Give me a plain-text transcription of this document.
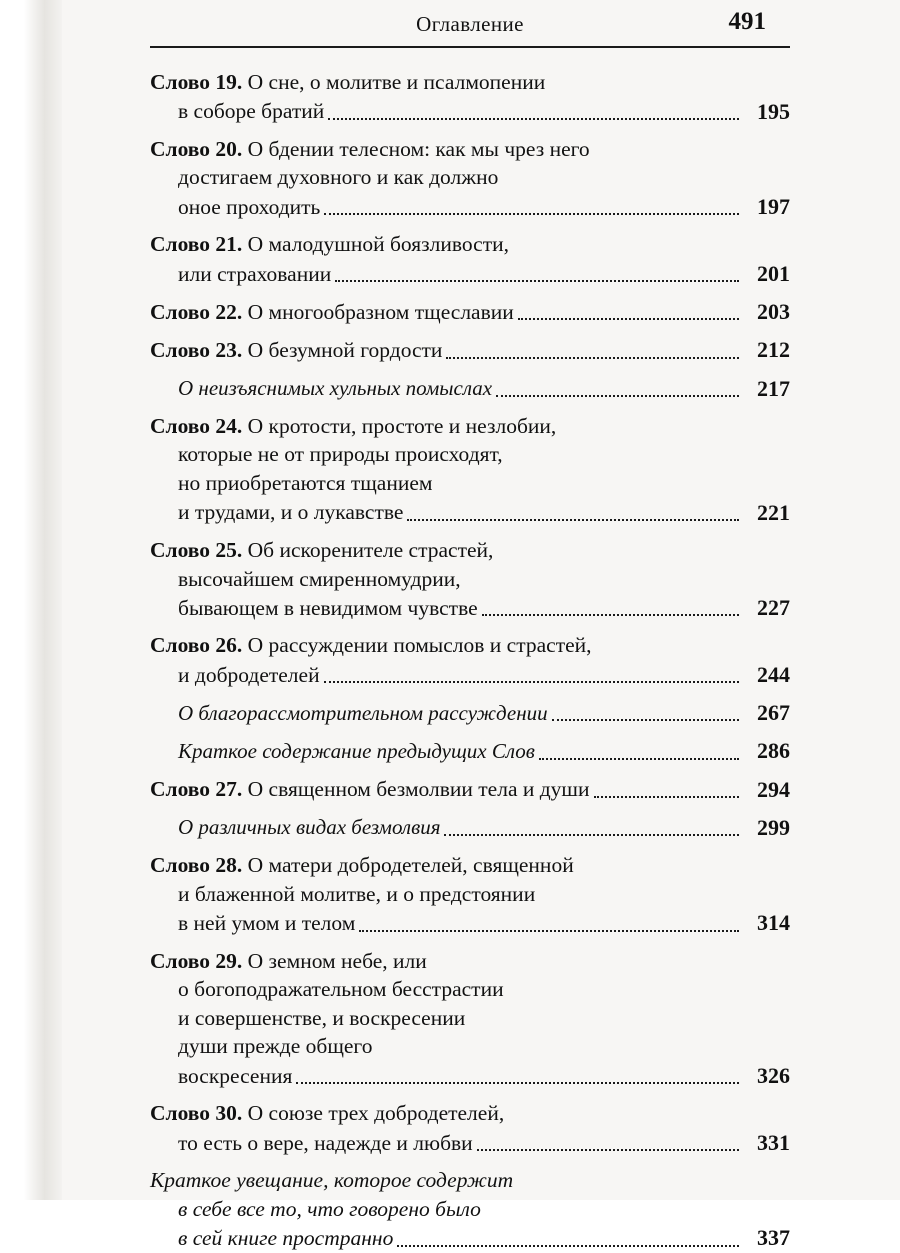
Оглавление	491
Слово 19. О сне, о молитве и псалмопении
в соборе братий	195
Слово 20. О бдении телесном: как мы чрез него
достигаем духовного и как должно
оное проходить	197
Слово 21. О малодушной боязливости,
или страховании	201
Слово 22. О многообразном тщеславии	203
Слово 23. О безумной гордости	212
О неизъяснимых хульных помыслах	217
Слово 24. О кротости, простоте и незлобии,
которые не от природы происходят,
но приобретаются тщанием
и трудами, и о лукавстве	221
Слово 25. Об искоренителе страстей,
высочайшем смиренномудрии,
бывающем в невидимом чувстве	227
Слово 26. О рассуждении помыслов и страстей,
и добродетелей	244
О благорассмотрительном рассуждении	267
Краткое содержание предыдущих Слов	286
Слово 27. О священном безмолвии тела и души	294
О различных видах безмолвия	299
Слово 28. О матери добродетелей, священной
и блаженной молитве, и о предстоянии
в ней умом и телом	314
Слово 29. О земном небе, или
о богоподражательном бесстрастии
и совершенстве, и воскресении
души прежде общего
воскресения	326
Слово 30. О союзе трех добродетелей,
то есть о вере, надежде и любви	331
Краткое увещание, которое содержит
в себе все то, что говорено было
в сей книге пространно	337
